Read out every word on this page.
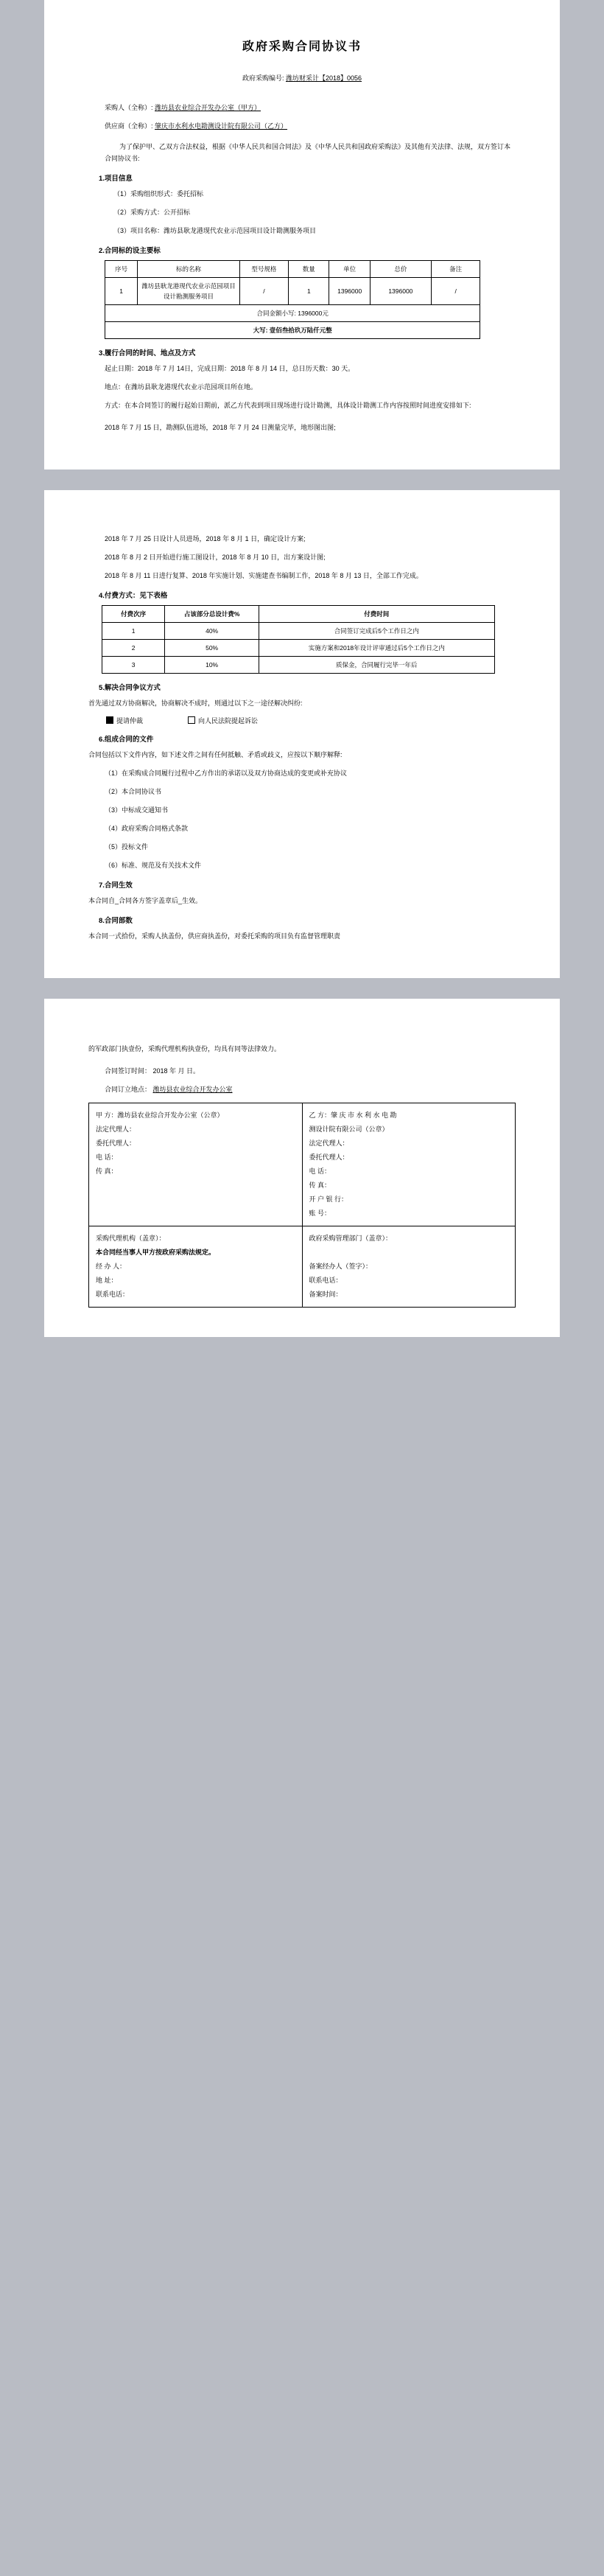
政府采购合同协议书
政府采购编号: 潍坊财采计【2018】0056

采购人（全称）: 潍坊县农业综合开发办公室（甲方）

供应商（全称）: 肇庆市水利水电勘测设计院有限公司（乙方）

为了保护甲、乙双方合法权益，根据《中华人民共和国合同法》及《中华人民共和国政府采购法》及其他有关法律、法规，双方签订本合同协议书:

1.项目信息

（1）采购组织形式：委托招标

（2）采购方式：公开招标

（3）项目名称：潍坊县耿龙港现代农业示范园项目设计勘测服务项目

2.合同标的设主要标
序号	标的名称	型号规格	数量	单位	总价	备注
1	潍坊县耿龙港现代农业示范园项目设计勘测服务项目	/	1	1396000	1396000	/
合同金额小写: 1396000元						
大写: 壹佰叁拾玖万陆仟元整						
3.履行合同的时间、地点及方式

起止日期：2018 年 7 月 14日，完成日期：2018 年 8 月 14 日，总日历天数：30 天。

地点：在潍坊县耿龙港现代农业示范园项目所在地。

方式：在本合同签订的履行起始日期前，派乙方代表到项目现场进行设计勘测，具体设计勘测工作内容按照时间进度安排如下:

2018 年 7 月 15 日，勘测队伍进场，2018 年 7 月 24 日测量完毕，地形图出图;

2018 年 7 月 25 日设计人员进场，2018 年 8 月 1 日，确定设计方案;

2018 年 8 月 2 日开始进行施工图设计，2018 年 8 月 10 日，出方案设计图;

2018 年 8 月 11 日进行复算、2018 年实施计划、实施建查书编制工作，2018 年 8 月 13 日，全部工作完成。

4.付费方式：见下表格
付费次序	占该部分总设计费%	付费时间
1	40%	合同签订完成后5个工作日之内
2	50%	实施方案和2018年设计评审通过后5个工作日之内
3	10%	质保金，合同履行完毕一年后
5.解决合同争议方式

首先通过双方协商解决，协商解决不成时，则通过以下之一途径解决纠纷:

提请仲裁	向人民法院提起诉讼
6.组成合同的文件

合同包括以下文件内容，如下述文件之间有任何抵触、矛盾或歧义，应按以下顺序解释:

（1）在采购成合同履行过程中乙方作出的承诺以及双方协商达成的变更或补充协议

（2）本合同协议书

（3）中标成交通知书

（4）政府采购合同格式条款

（5）投标文件

（6）标准、规范及有关技术文件

7.合同生效

本合同自_合同各方签字盖章后_生效。

8.合同部数

本合同一式拾份，采购人执盖份，供应商执盖份，对委托采购的项目负有监督管理职责

的军政部门执壹份，采购代理机构执壹份，均具有同等法律效力。

合同签订时间： 2018 年 月 日。

合同订立地点： 潍坊县农业综合开发办公室

甲 方：潍坊县农业综合开发办公室（公章）
法定代理人：
委托代理人：
电 话：
传 真：

乙 方：肇 庆 市 水 利 水 电 勘
测设计院有限公司（公章）
法定代理人：
委托代理人：
电 话：
传 真：
开 户 银 行：
账 号：

采购代理机构（盖章）：
本合同经当事人甲方按政府采购法规定。
经 办 人：
地 址：
联系电话：

政府采购管理部门（盖章）：
备案经办人（签字）：
联系电话：
备案时间：
